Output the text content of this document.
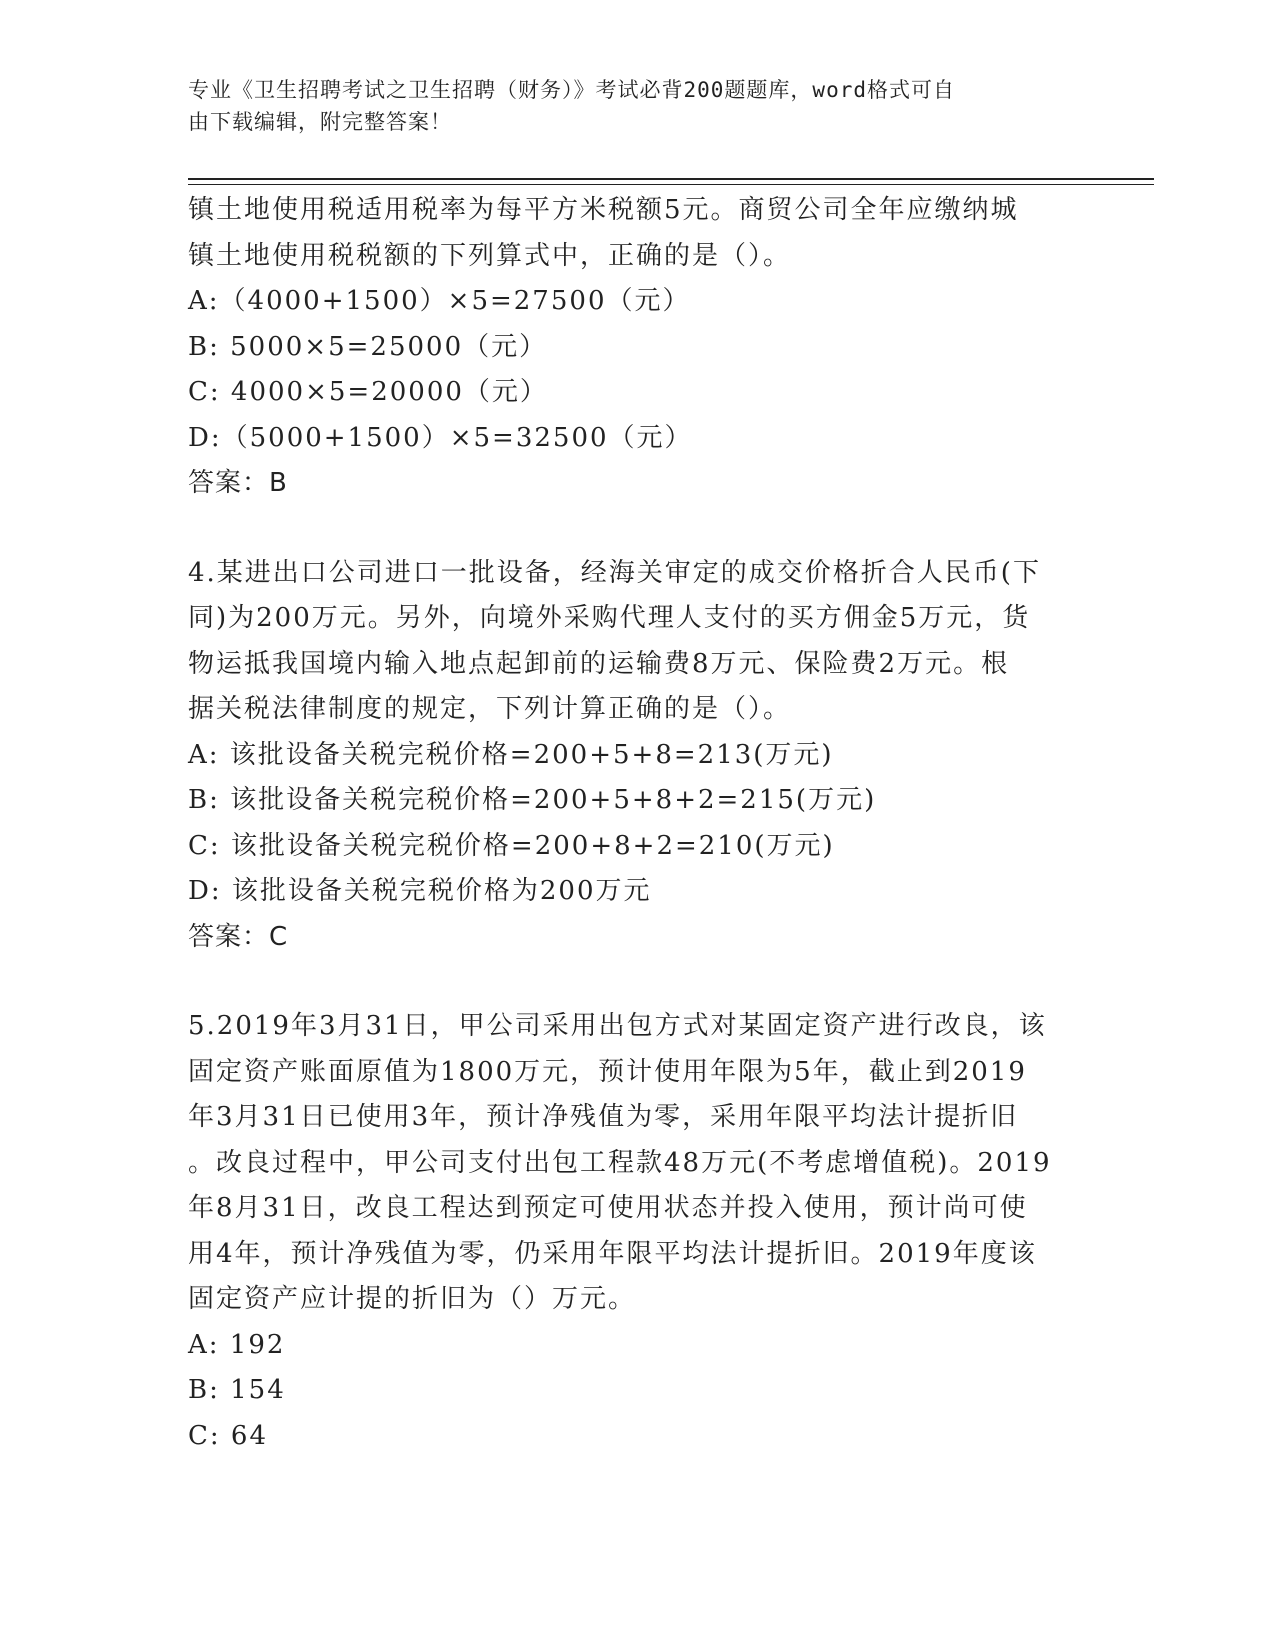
专业《卫生招聘考试之卫生招聘（财务）》考试必背200题题库，word格式可自
由下载编辑，附完整答案！
镇土地使用税适用税率为每平方米税额5元。商贸公司全年应缴纳城
镇土地使用税税额的下列算式中，正确的是（）。
A:（4000+1500）×5=27500（元）
B: 5000×5=25000（元）
C: 4000×5=20000（元）
D:（5000+1500）×5=32500（元）
答案：B
4.某进出口公司进口一批设备，经海关审定的成交价格折合人民币(下
同)为200万元。另外，向境外采购代理人支付的买方佣金5万元，货
物运抵我国境内输入地点起卸前的运输费8万元、保险费2万元。根
据关税法律制度的规定，下列计算正确的是（）。
A: 该批设备关税完税价格=200+5+8=213(万元)
B: 该批设备关税完税价格=200+5+8+2=215(万元)
C: 该批设备关税完税价格=200+8+2=210(万元)
D: 该批设备关税完税价格为200万元
答案：C
5.2019年3月31日，甲公司采用出包方式对某固定资产进行改良，该
固定资产账面原值为1800万元，预计使用年限为5年，截止到2019
年3月31日已使用3年，预计净残值为零，采用年限平均法计提折旧
。改良过程中，甲公司支付出包工程款48万元(不考虑增值税)。2019
年8月31日，改良工程达到预定可使用状态并投入使用，预计尚可使
用4年，预计净残值为零，仍采用年限平均法计提折旧。2019年度该
固定资产应计提的折旧为（）万元。
A: 192
B: 154
C: 64
